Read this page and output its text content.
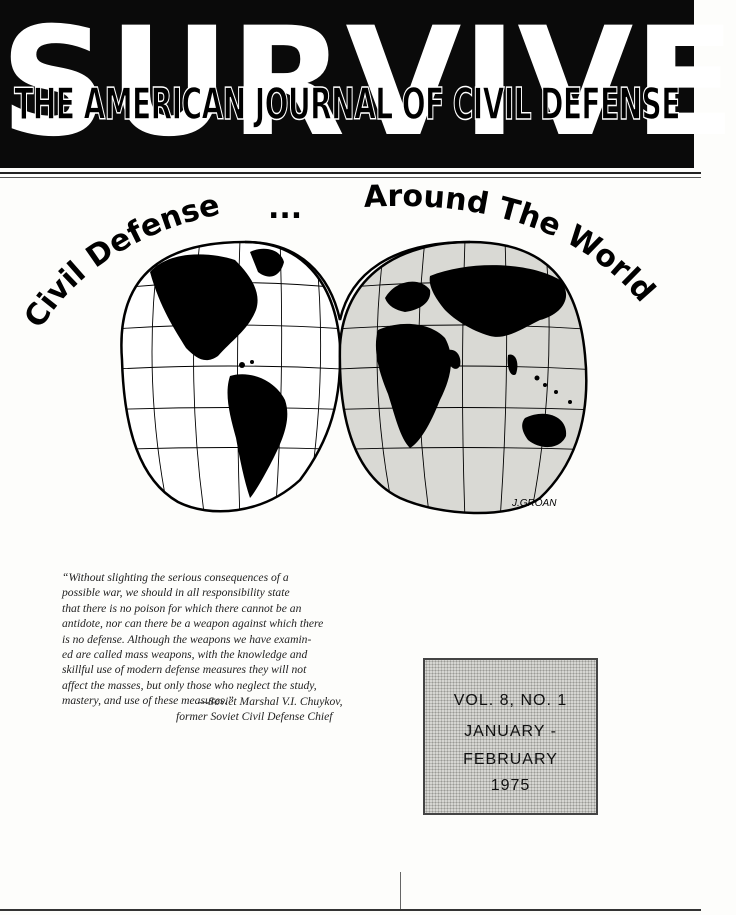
S U R V I V E
THE AMERICAN JOURNAL OF CIVIL DEFENSE
Civil Defense ... Around The World
J.GROAN

“Without slighting the serious consequences of a

possible war, we should in all responsibility state

that there is no poison for which there cannot be an

antidote, nor can there be a weapon against which there

is no defense. Although the weapons we have examin-

ed are called mass weapons, with the knowledge and

skillful use of modern defense measures they will not

affect the masses, but only those who neglect the study,

mastery, and use of these measures.”

—Soviet Marshal V.I. Chuykov,
former Soviet Civil Defense Chief
VOL. 8, NO. 1
JANUARY -
FEBRUARY
1975
